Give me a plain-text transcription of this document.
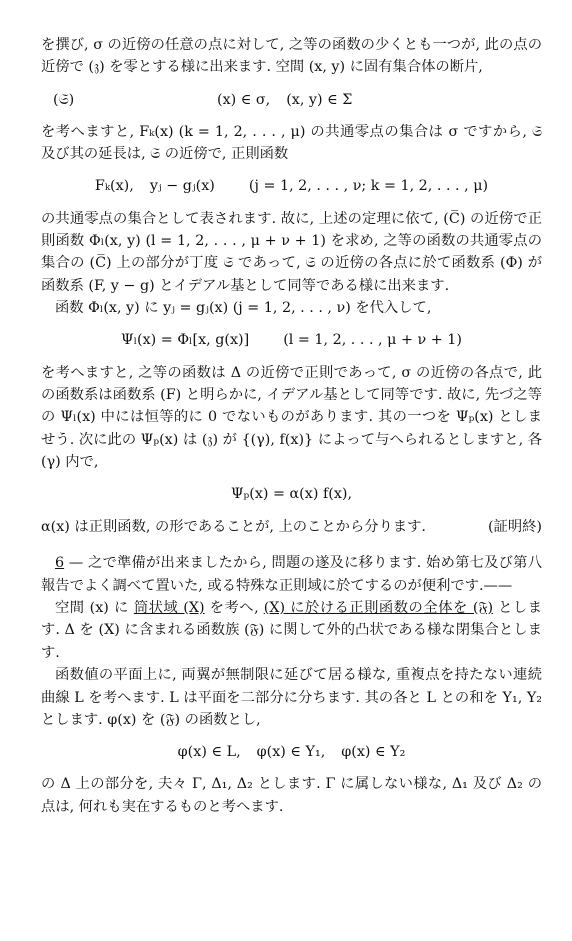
を撰び, σ の近傍の任意の点に対して, 之等の函数の少くとも一つが, 此の点の近傍で (𝔷) を零とする様に出来ます. 空間 (x, y) に固有集合体の断片,

(𝔖)	(x) ∈ σ, (x, y) ∈ Σ

を考へますと, Fₖ(x) (k = 1, 2, . . . , μ) の共通零点の集合は σ ですから, 𝔖 及び其の延長は, 𝔖 の近傍で, 正則函数

Fₖ(x), yⱼ − gⱼ(x) (j = 1, 2, . . . , ν; k = 1, 2, . . . , μ)

の共通零点の集合として表されます. 故に, 上述の定理に依て, (C̅) の近傍で正則函数 Φₗ(x, y) (l = 1, 2, . . . , μ + ν + 1) を求め, 之等の函数の共通零点の集合の (C̅) 上の部分が丁度 𝔖 であって, 𝔖 の近傍の各点に於て函数系 (Φ) が函数系 (F, y − g) とイデアル基として同等である様に出来ます.

函数 Φₗ(x, y) に yⱼ = gⱼ(x) (j = 1, 2, . . . , ν) を代入して,

Ψₗ(x) = Φₗ[x, g(x)] (l = 1, 2, . . . , μ + ν + 1)

を考へますと, 之等の函数は Δ の近傍で正則であって, σ の近傍の各点で, 此の函数系は函数系 (F) と明らかに, イデアル基として同等です. 故に, 先づ之等の Ψₗ(x) 中には恒等的に 0 でないものがあります. 其の一つを Ψₚ(x) としませう. 次に此の Ψₚ(x) は (𝔷) が {(γ), f(x)} によって与へられるとしますと, 各 (γ) 内で,

Ψₚ(x) = α(x) f(x),
α(x) は正則函数, の形であることが, 上のことから分ります.	(証明終)

6 — 之で準備が出来ましたから, 問題の遂及に移ります. 始め第七及び第八報告でよく調べて置いた, 或る特殊な正則域に於てするのが便利です.——

空間 (x) に 筒状域 (X) を考へ, (X) に於ける正則函数の全体を (𝔉) とします. Δ を (X) に含まれる函数族 (𝔉) に関して外的凸状である様な閉集合とします.

函数値の平面上に, 両翼が無制限に延びて居る様な, 重複点を持たない連続曲線 L を考へます. L は平面を二部分に分ちます. 其の各と L との和を Y₁, Y₂ とします. φ(x) を (𝔉) の函数とし,

φ(x) ∈ L, φ(x) ∈ Y₁, φ(x) ∈ Y₂

の Δ 上の部分を, 夫々 Γ, Δ₁, Δ₂ とします. Γ に属しない様な, Δ₁ 及び Δ₂ の点は, 何れも実在するものと考へます.
